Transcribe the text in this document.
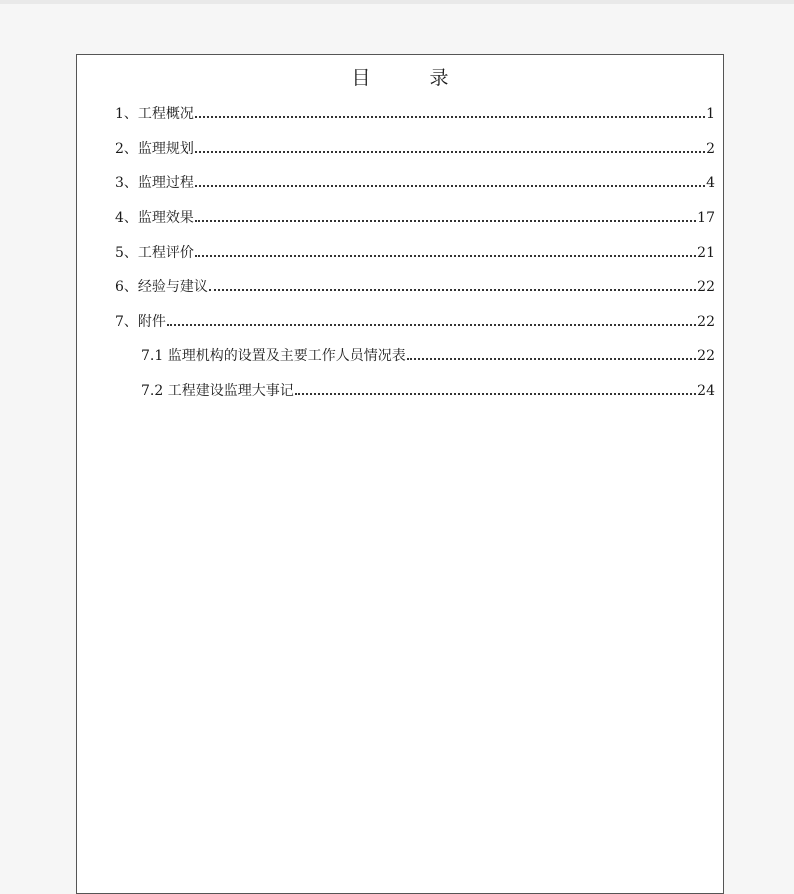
目　录
1、工程概况	1
2、监理规划	2
3、监理过程	4
4、监理效果	17
5、工程评价	21
6、经验与建议	22
7、附件	22
7.1 监理机构的设置及主要工作人员情况表	22
7.2 工程建设监理大事记	24
